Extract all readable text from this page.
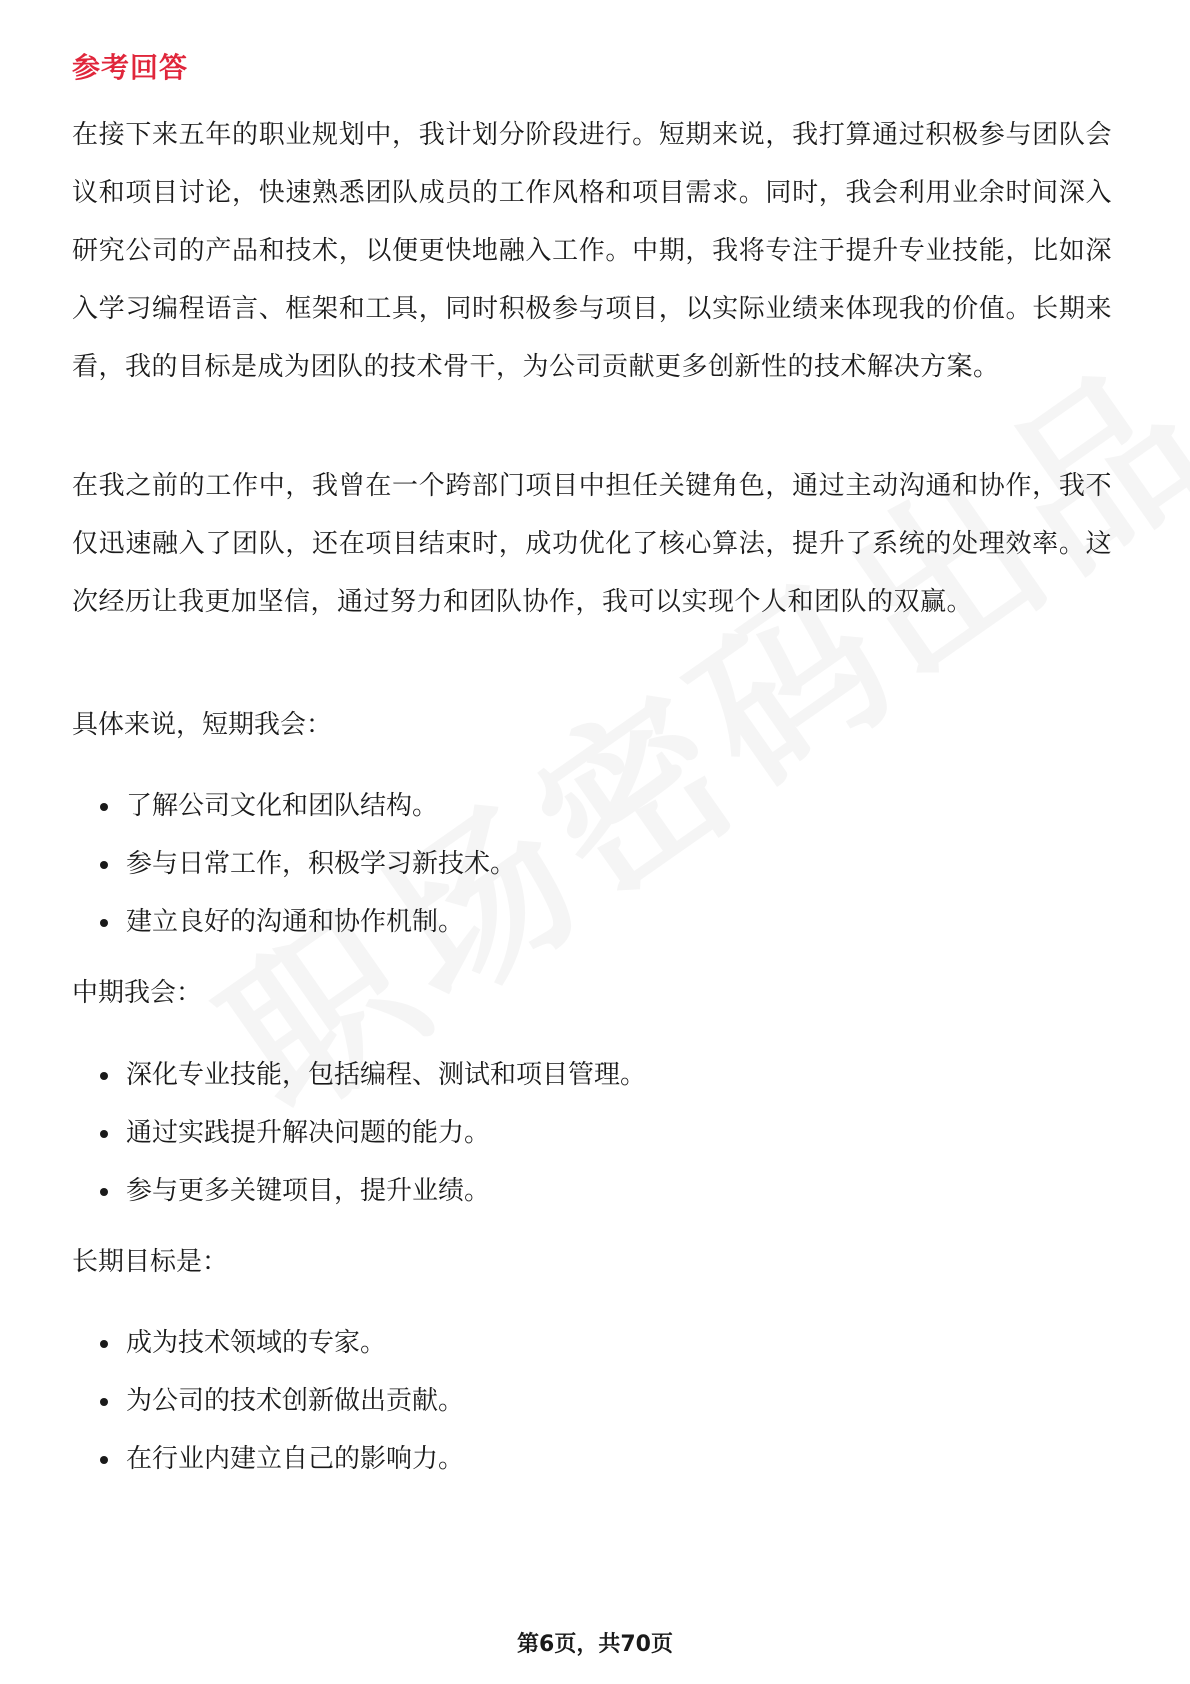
参考回答

在接下来五年的职业规划中，我计划分阶段进行。短期来说，我打算通过积极参与团队会议和项目讨论，快速熟悉团队成员的工作风格和项目需求。同时，我会利用业余时间深入研究公司的产品和技术，以便更快地融入工作。中期，我将专注于提升专业技能，比如深入学习编程语言、框架和工具，同时积极参与项目，以实际业绩来体现我的价值。长期来看，我的目标是成为团队的技术骨干，为公司贡献更多创新性的技术解决方案。

在我之前的工作中，我曾在一个跨部门项目中担任关键角色，通过主动沟通和协作，我不仅迅速融入了团队，还在项目结束时，成功优化了核心算法，提升了系统的处理效率。这次经历让我更加坚信，通过努力和团队协作，我可以实现个人和团队的双赢。

具体来说，短期我会：
了解公司文化和团队结构。
参与日常工作，积极学习新技术。
建立良好的沟通和协作机制。
中期我会：
深化专业技能，包括编程、测试和项目管理。
通过实践提升解决问题的能力。
参与更多关键项目，提升业绩。
长期目标是：
成为技术领域的专家。
为公司的技术创新做出贡献。
在行业内建立自己的影响力。
第6页，共70页
